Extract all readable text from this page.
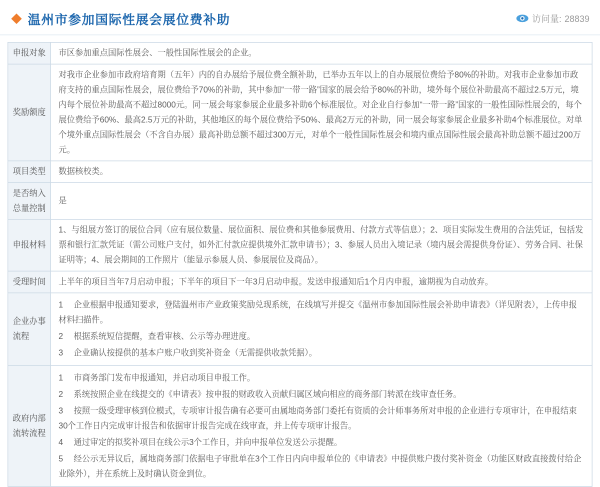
温州市参加国际性展会展位费补助	访问量: 28839
申报对象	市区参加重点国际性展会、一般性国际性展会的企业。
奖励额度	对我市企业参加市政府培育期（五年）内的自办展给予展位费全额补助，已举办五年以上的自办展展位费给予80%的补助。对我市企业参加市政府支持的重点国际性展会，展位费给予70%的补助，其中参加“一带一路”国家的展会给予80%的补助，境外每个展位补助最高不超过2.5万元，境内每个展位补助最高不超过8000元。同一展会每家参展企业最多补助6个标准展位。对企业自行参加“一带一路”国家的一般性国际性展会的，每个展位费给予60%、最高2.5万元的补助，其他地区的每个展位费给予50%、最高2万元的补助，同一展会每家参展企业最多补助4个标准展位。对单个境外重点国际性展会（不含自办展）最高补助总额不超过300万元，对单个一般性国际性展会和境内重点国际性展会最高补助总额不超过200万元。
项目类型	数据核校类。
是否纳入总量控制	是
申报材料	1、与组展方签订的展位合同（应有展位数量、展位面积、展位费和其他参展费用、付款方式等信息）；2、项目实际发生费用的合法凭证，包括发票和银行汇款凭证（需公司账户支付，如外汇付款应提供境外汇款申请书）；3、参展人员出入境记录（境内展会需提供身份证）、劳务合同、社保证明等；4、展会期间的工作照片（能显示参展人员、参展展位及商品）。
受理时间	上半年的项目当年7月启动申报；下半年的项目下一年3月启动申报。发送申报通知后1个月内申报，逾期视为自动放弃。
企业办事流程	1 企业根据申报通知要求，登陆温州市产业政策奖励兑现系统，在线填写并提交《温州市参加国际性展会补助申请表》（详见附表），上传申报材料扫描件。

2 根据系统短信提醒，查看审核、公示等办理进度。

3 企业确认按提供的基本户账户收到奖补资金（无需提供收款凭据）。

政府内部流转流程	1 市商务部门发布申报通知，并启动项目申报工作。

2 系统按照企业在线提交的《申请表》按申报的财政收入贡献归属区域向相应的商务部门转派在线审查任务。

3 按照一级受理审核到位模式，专项审计报告确有必要可由属地商务部门委托有资质的会计师事务所对申报的企业进行专项审计，在申报结束30个工作日内完成审计报告和依据审计报告完成在线审查，并上传专项审计报告。

4 通过审定的拟奖补项目在线公示3个工作日，并向申报单位发送公示提醒。

5 经公示无异议后，属地商务部门依据电子审批单在3个工作日内向申报单位的《申请表》中提供账户拨付奖补资金（功能区财政直接拨付给企业除外），并在系统上及时确认资金到位。
